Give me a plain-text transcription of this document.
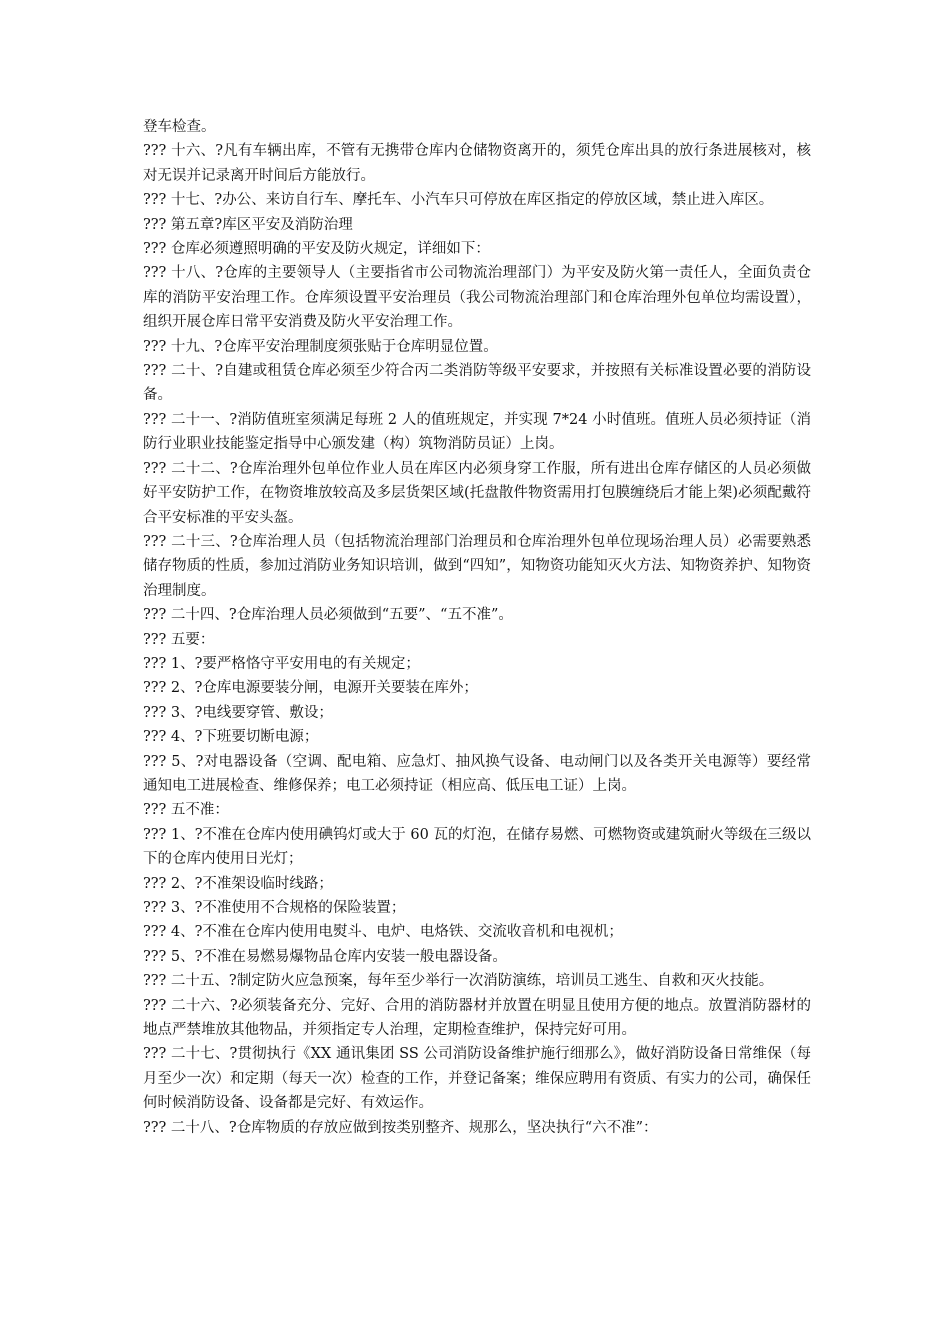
登车检查。

??? 十六、?凡有车辆出库，不管有无携带仓库内仓储物资离开的，须凭仓库出具的放行条进展核对，核对无误并记录离开时间后方能放行。

??? 十七、?办公、来访自行车、摩托车、小汽车只可停放在库区指定的停放区域，禁止进入库区。

??? 第五章?库区平安及消防治理

??? 仓库必须遵照明确的平安及防火规定，详细如下：

??? 十八、?仓库的主要领导人（主要指省市公司物流治理部门）为平安及防火第一责任人，全面负责仓库的消防平安治理工作。仓库须设置平安治理员（我公司物流治理部门和仓库治理外包单位均需设置），组织开展仓库日常平安消费及防火平安治理工作。

??? 十九、?仓库平安治理制度须张贴于仓库明显位置。

??? 二十、?自建或租赁仓库必须至少符合丙二类消防等级平安要求，并按照有关标准设置必要的消防设备。

??? 二十一、?消防值班室须满足每班 2 人的值班规定，并实现 7*24 小时值班。值班人员必须持证（消防行业职业技能鉴定指导中心颁发建（构）筑物消防员证）上岗。

??? 二十二、?仓库治理外包单位作业人员在库区内必须身穿工作服，所有进出仓库存储区的人员必须做好平安防护工作，在物资堆放较高及多层货架区域(托盘散件物资需用打包膜缠绕后才能上架)必须配戴符合平安标准的平安头盔。

??? 二十三、?仓库治理人员（包括物流治理部门治理员和仓库治理外包单位现场治理人员）必需要熟悉储存物质的性质，参加过消防业务知识培训，做到“四知”，知物资功能知灭火方法、知物资养护、知物资治理制度。

??? 二十四、?仓库治理人员必须做到“五要”、“五不准”。

??? 五要：

??? 1、?要严格恪守平安用电的有关规定；

??? 2、?仓库电源要装分闸，电源开关要装在库外；

??? 3、?电线要穿管、敷设；

??? 4、?下班要切断电源；

??? 5、?对电器设备（空调、配电箱、应急灯、抽风换气设备、电动闸门以及各类开关电源等）要经常通知电工进展检查、维修保养；电工必须持证（相应高、低压电工证）上岗。

??? 五不准：

??? 1、?不准在仓库内使用碘钨灯或大于 60 瓦的灯泡，在储存易燃、可燃物资或建筑耐火等级在三级以下的仓库内使用日光灯；

??? 2、?不准架设临时线路；

??? 3、?不准使用不合规格的保险装置；

??? 4、?不准在仓库内使用电熨斗、电炉、电烙铁、交流收音机和电视机；

??? 5、?不准在易燃易爆物品仓库内安装一般电器设备。

??? 二十五、?制定防火应急预案，每年至少举行一次消防演练，培训员工逃生、自救和灭火技能。

??? 二十六、?必须装备充分、完好、合用的消防器材并放置在明显且使用方便的地点。放置消防器材的地点严禁堆放其他物品，并须指定专人治理，定期检查维护，保持完好可用。

??? 二十七、?贯彻执行《XX 通讯集团 SS 公司消防设备维护施行细那么》，做好消防设备日常维保（每月至少一次）和定期（每天一次）检查的工作，并登记备案；维保应聘用有资质、有实力的公司，确保任何时候消防设备、设备都是完好、有效运作。

??? 二十八、?仓库物质的存放应做到按类别整齐、规那么，坚决执行“六不准”：
